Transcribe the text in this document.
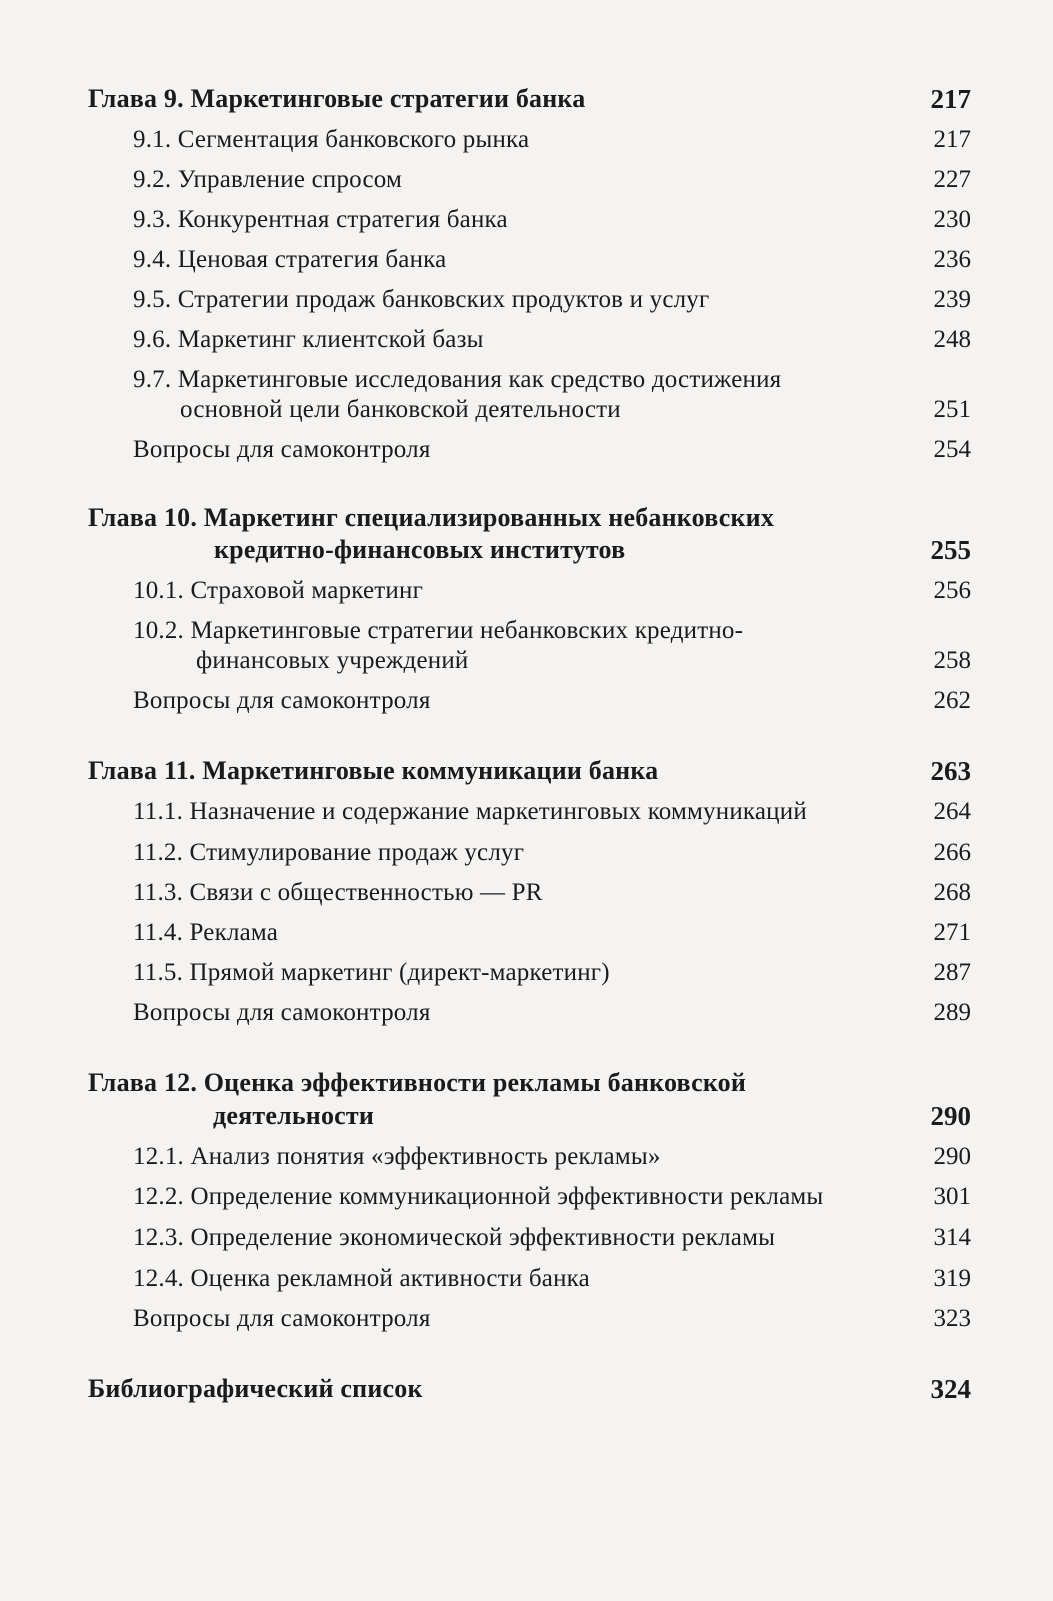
Глава 9. Маркетинговые стратегии банка	217
9.1. Сегментация банковского рынка	217
9.2. Управление спросом	227
9.3. Конкурентная стратегия банка	230
9.4. Ценовая стратегия банка	236
9.5. Стратегии продаж банковских продуктов и услуг	239
9.6. Маркетинг клиентской базы	248
9.7. Маркетинговые исследования как средство достижения
основной цели банковской деятельности	251
Вопросы для самоконтроля	254
Глава 10. Маркетинг специализированных небанковских
кредитно-финансовых институтов	255
10.1. Страховой маркетинг	256
10.2. Маркетинговые стратегии небанковских кредитно-
финансовых учреждений	258
Вопросы для самоконтроля	262
Глава 11. Маркетинговые коммуникации банка	263
11.1. Назначение и содержание маркетинговых коммуникаций	264
11.2. Стимулирование продаж услуг	266
11.3. Связи с общественностью — PR	268
11.4. Реклама	271
11.5. Прямой маркетинг (директ-маркетинг)	287
Вопросы для самоконтроля	289
Глава 12. Оценка эффективности рекламы банковской
деятельности	290
12.1. Анализ понятия «эффективность рекламы»	290
12.2. Определение коммуникационной эффективности рекламы	301
12.3. Определение экономической эффективности рекламы	314
12.4. Оценка рекламной активности банка	319
Вопросы для самоконтроля	323
Библиографический список	324
